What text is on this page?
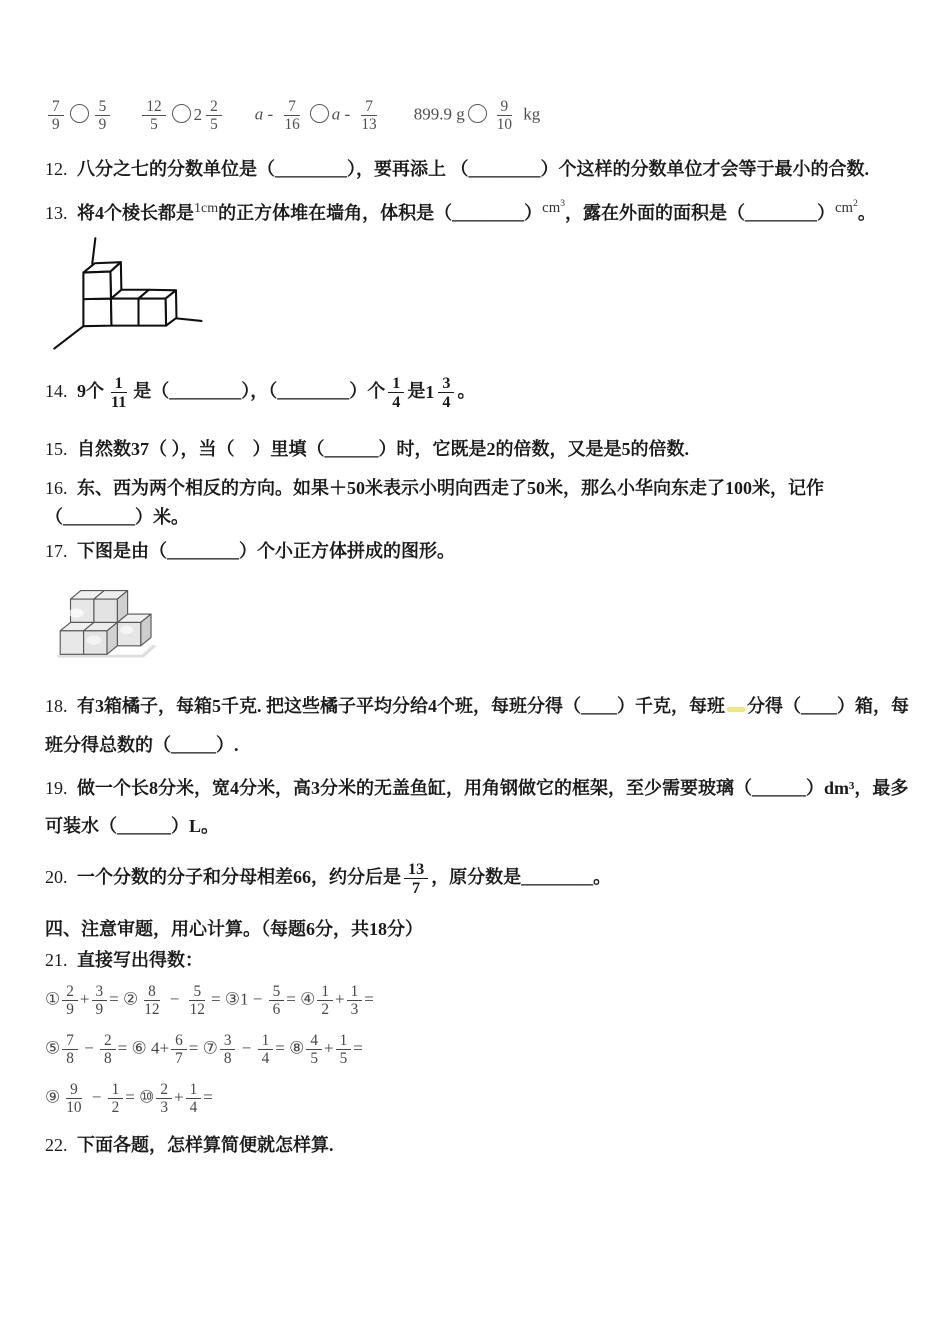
$\frac{7}{9} \frac{5}{9} \frac{12}{5} 2 \frac{2}{5}$ a - $\frac{7}{16}$ a - $\frac{7}{13} 899.9$ g $\frac{9}{10}$ kg
12. 八分之七的分数单位是（________），要再添上 （________）个这样的分数单位才会等于最小的合数.
13. 将4个棱长都是$^{1cm}$的正方体堆在墙角，体积是（________）$^{cm^3}$，露在外面的面积是（________）$^{cm^2}$。
14. 9个 $\frac{1}{11}$ 是（________），（________）个 $\frac{1}{4}$ 是 $1 \frac{3}{4}$ 。
15. 自然数37（ ），当（　）里填（______）时，它既是2的倍数，又是是5的倍数.
16. 东、西为两个相反的方向。如果＋50米表示小明向西走了50米，那么小华向东走了100米，记作（________）米。
17. 下图是由（________）个小正方体拼成的图形。
18. 有3箱橘子，每箱5千克. 把这些橘子平均分给4个班，每班分得（____）千克，每班 分得（____）箱，每班分得总数的（_____）.
19. 做一个长8分米，宽4分米，高3分米的无盖鱼缸，用角钢做它的框架，至少需要玻璃（______）dm³，最多可装水（______）L。
20. 一个分数的分子和分母相差66，约分后是 $\frac{13}{7}$ ，原分数是________。
四、注意审题，用心计算。（每题6分，共18分）
21. 直接写出得数：
① $\frac{2}{9} + \frac{3}{9}$ = ② $\frac{8}{12} - \frac{5}{12}$ = ③1 − $\frac{5}{6}$ = ④ $\frac{1}{2} + \frac{1}{3}$ =
⑤ $\frac{7}{8} - \frac{2}{8}$ = ⑥ $4+ \frac{6}{7}$ = ⑦ $\frac{3}{8} - \frac{1}{4}$ = ⑧ $\frac{4}{5} + \frac{1}{5}$ =
⑨ $\frac{9}{10} - \frac{1}{2}$ = ⑩ $\frac{2}{3} + \frac{1}{4}$ =
22. 下面各题，怎样算简便就怎样算.
